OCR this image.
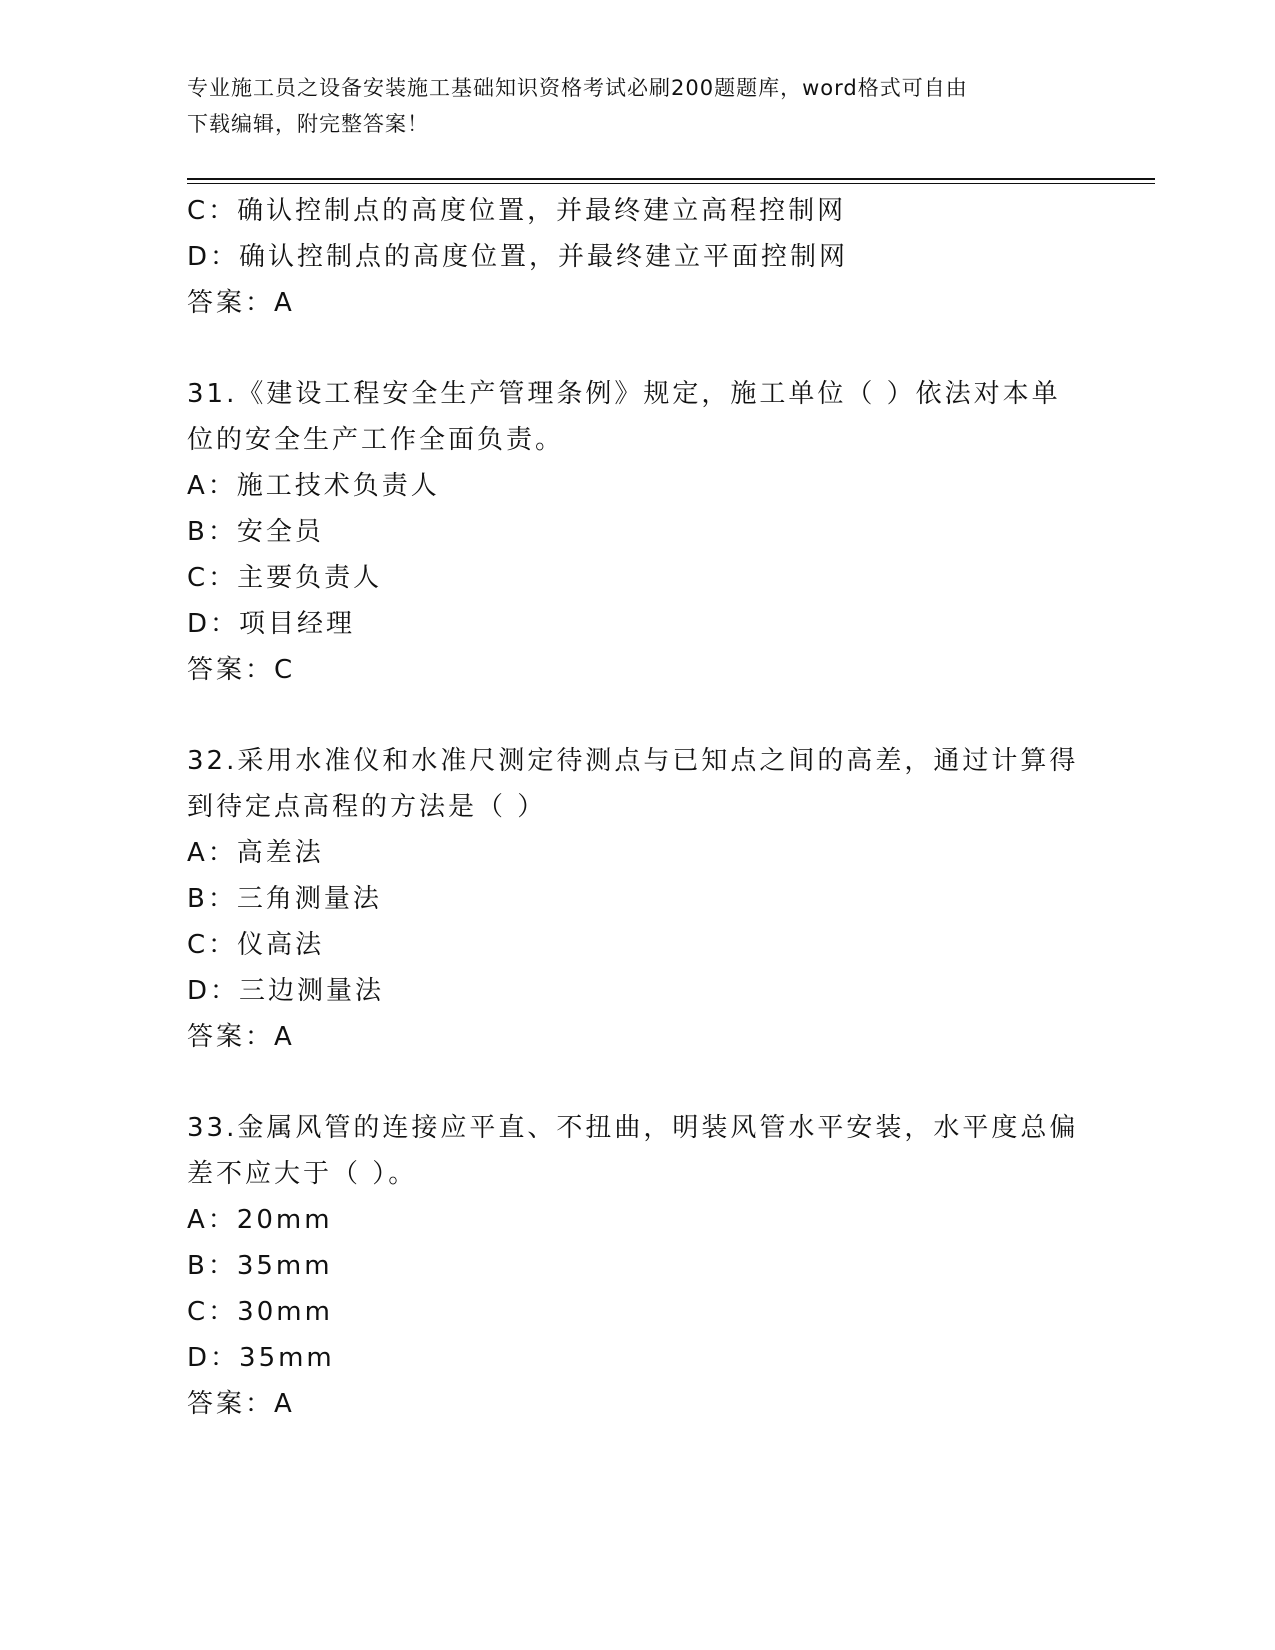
专业施工员之设备安装施工基础知识资格考试必刷200题题库，word格式可自由
下载编辑，附完整答案！
C：确认控制点的高度位置，并最终建立高程控制网
D：确认控制点的高度位置，并最终建立平面控制网
答案：A
31.《建设工程安全生产管理条例》规定，施工单位（ ）依法对本单
位的安全生产工作全面负责。
A：施工技术负责人
B：安全员
C：主要负责人
D：项目经理
答案：C
32.采用水准仪和水准尺测定待测点与已知点之间的高差，通过计算得
到待定点高程的方法是（ ）
A：高差法
B：三角测量法
C：仪高法
D：三边测量法
答案：A
33.金属风管的连接应平直、不扭曲，明装风管水平安装，水平度总偏
差不应大于（ ）。
A：20mm
B：35mm
C：30mm
D：35mm
答案：A
